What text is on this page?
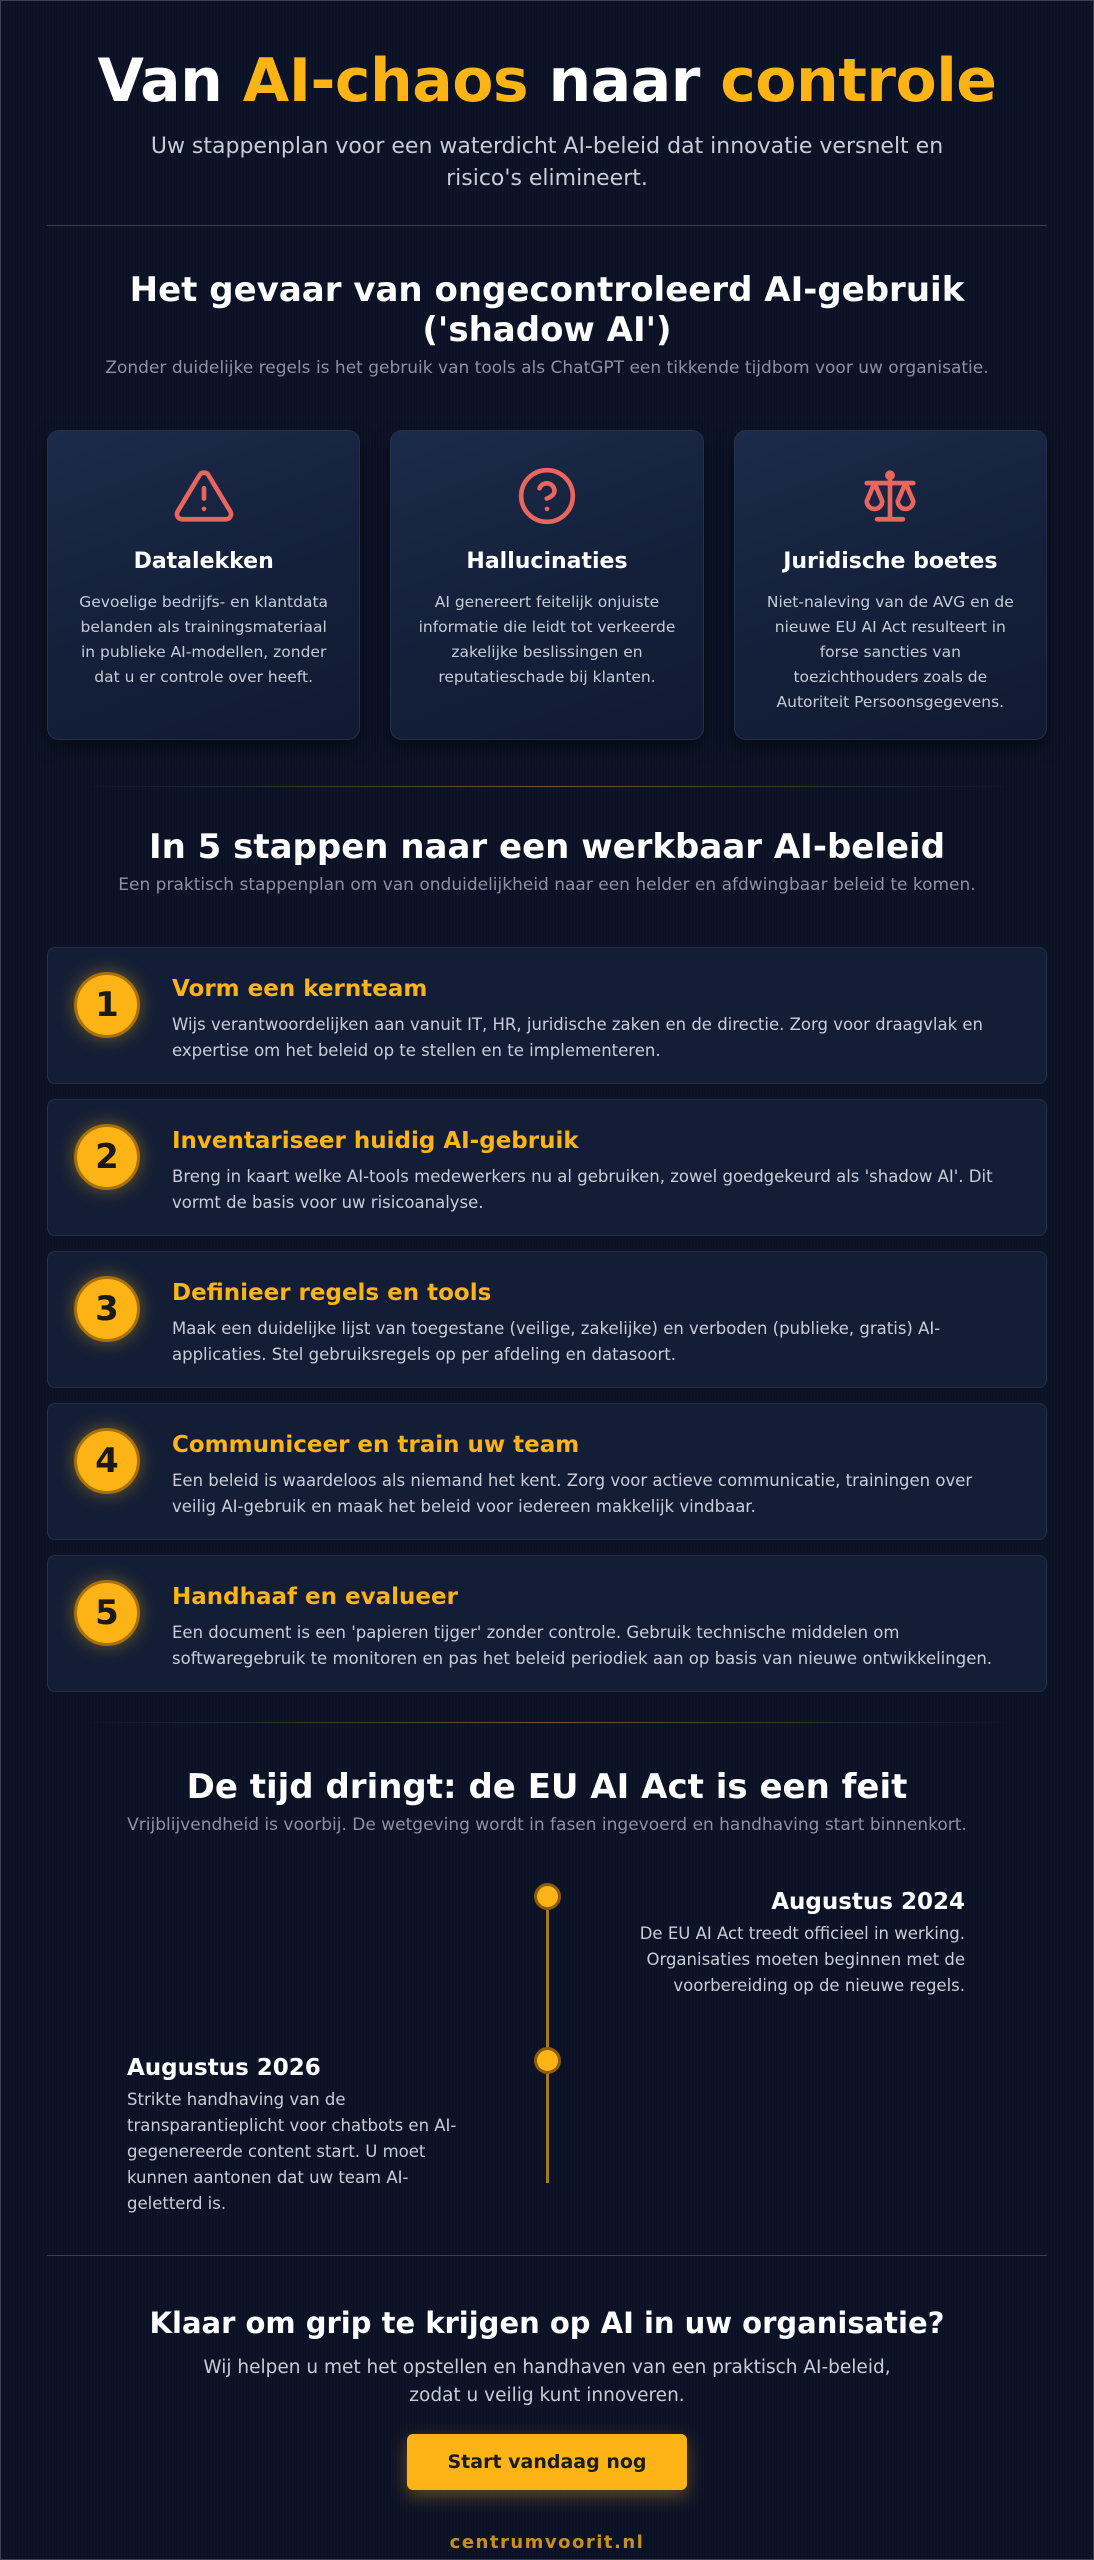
Van AI-chaos naar controle

Uw stappenplan voor een waterdicht AI-beleid dat innovatie versnelt en risico's elimineert.

Het gevaar van ongecontroleerd AI-gebruik ('shadow AI')

Zonder duidelijke regels is het gebruik van tools als ChatGPT een tikkende tijdbom voor uw organisatie.

Datalekken

Gevoelige bedrijfs- en klantdata belanden als trainingsmateriaal in publieke AI-modellen, zonder dat u er controle over heeft.

Hallucinaties

AI genereert feitelijk onjuiste informatie die leidt tot verkeerde zakelijke beslissingen en reputatieschade bij klanten.

Juridische boetes

Niet-naleving van de AVG en de nieuwe EU AI Act resulteert in forse sancties van toezichthouders zoals de Autoriteit Persoonsgegevens.

In 5 stappen naar een werkbaar AI-beleid

Een praktisch stappenplan om van onduidelijkheid naar een helder en afdwingbaar beleid te komen.

1	Vorm een kernteam

Wijs verantwoordelijken aan vanuit IT, HR, juridische zaken en de directie. Zorg voor draagvlak en expertise om het beleid op te stellen en te implementeren.

2	Inventariseer huidig AI-gebruik

Breng in kaart welke AI-tools medewerkers nu al gebruiken, zowel goedgekeurd als 'shadow AI'. Dit vormt de basis voor uw risicoanalyse.

3	Definieer regels en tools

Maak een duidelijke lijst van toegestane (veilige, zakelijke) en verboden (publieke, gratis) AI-applicaties. Stel gebruiksregels op per afdeling en datasoort.

4	Communiceer en train uw team

Een beleid is waardeloos als niemand het kent. Zorg voor actieve communicatie, trainingen over veilig AI-gebruik en maak het beleid voor iedereen makkelijk vindbaar.

5	Handhaaf en evalueer

Een document is een 'papieren tijger' zonder controle. Gebruik technische middelen om softwaregebruik te monitoren en pas het beleid periodiek aan op basis van nieuwe ontwikkelingen.

De tijd dringt: de EU AI Act is een feit

Vrijblijvendheid is voorbij. De wetgeving wordt in fasen ingevoerd en handhaving start binnenkort.

Augustus 2024

De EU AI Act treedt officieel in werking. Organisaties moeten beginnen met de voorbereiding op de nieuwe regels.

Augustus 2026

Strikte handhaving van de transparantieplicht voor chatbots en AI-gegenereerde content start. U moet kunnen aantonen dat uw team AI-geletterd is.

Klaar om grip te krijgen op AI in uw organisatie?

Wij helpen u met het opstellen en handhaven van een praktisch AI-beleid, zodat u veilig kunt innoveren.

Start vandaag nog
centrumvoorit.nl
